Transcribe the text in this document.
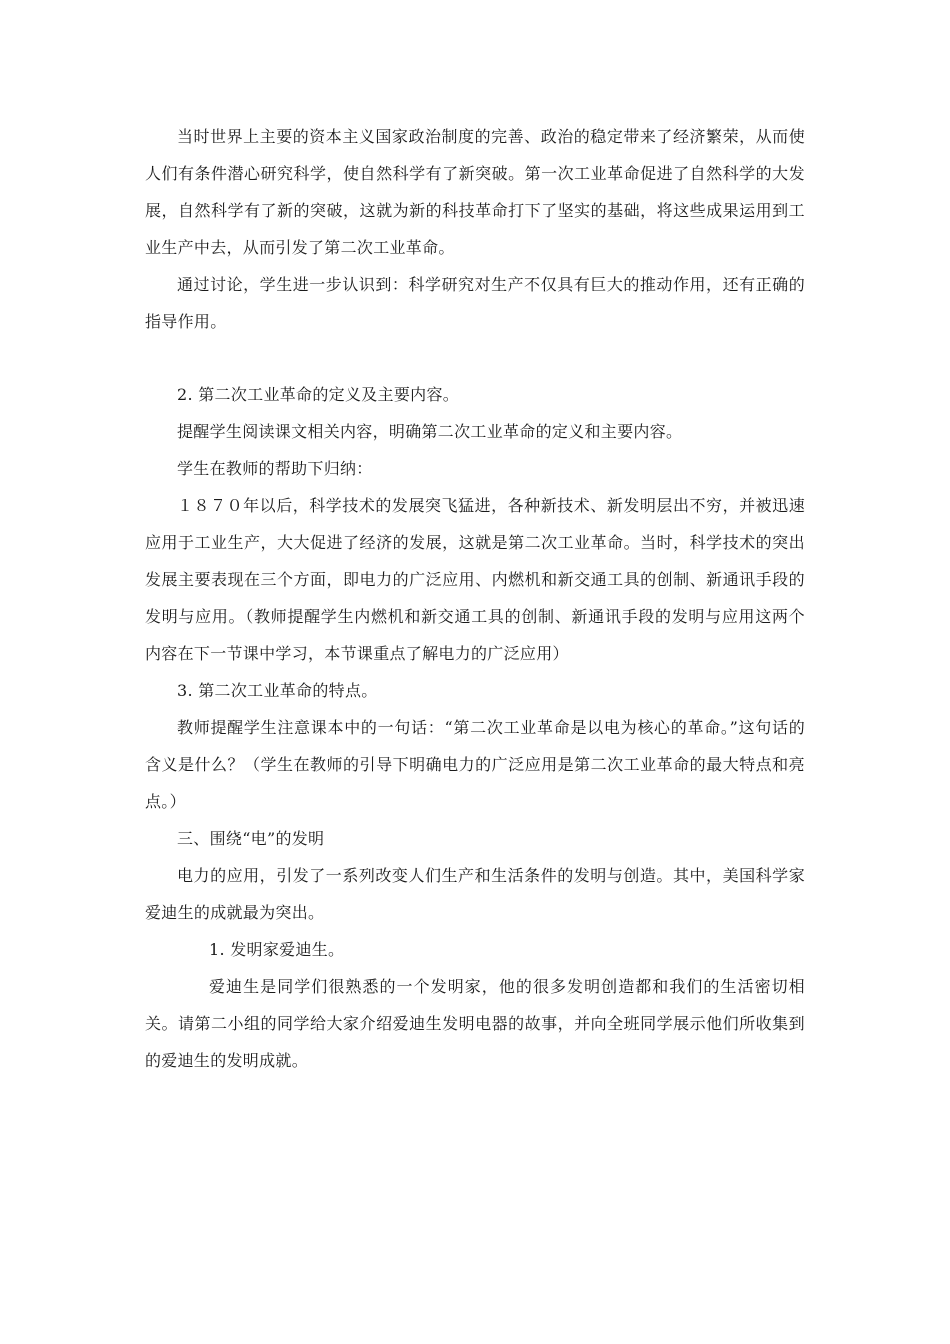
当时世界上主要的资本主义国家政治制度的完善、政治的稳定带来了经济繁荣，从而使人们有条件潜心研究科学，使自然科学有了新突破。第一次工业革命促进了自然科学的大发展，自然科学有了新的突破，这就为新的科技革命打下了坚实的基础，将这些成果运用到工业生产中去，从而引发了第二次工业革命。

通过讨论，学生进一步认识到：科学研究对生产不仅具有巨大的推动作用，还有正确的指导作用。

2. 第二次工业革命的定义及主要内容。

提醒学生阅读课文相关内容，明确第二次工业革命的定义和主要内容。

学生在教师的帮助下归纳：

１８７０年以后，科学技术的发展突飞猛进，各种新技术、新发明层出不穷，并被迅速应用于工业生产，大大促进了经济的发展，这就是第二次工业革命。当时，科学技术的突出发展主要表现在三个方面，即电力的广泛应用、内燃机和新交通工具的创制、新通讯手段的发明与应用。（教师提醒学生内燃机和新交通工具的创制、新通讯手段的发明与应用这两个内容在下一节课中学习，本节课重点了解电力的广泛应用）

3. 第二次工业革命的特点。

教师提醒学生注意课本中的一句话：“第二次工业革命是以电为核心的革命。”这句话的含义是什么？（学生在教师的引导下明确电力的广泛应用是第二次工业革命的最大特点和亮点。）

三、围绕“电”的发明

电力的应用，引发了一系列改变人们生产和生活条件的发明与创造。其中，美国科学家爱迪生的成就最为突出。

1. 发明家爱迪生。

爱迪生是同学们很熟悉的一个发明家，他的很多发明创造都和我们的生活密切相关。请第二小组的同学给大家介绍爱迪生发明电器的故事，并向全班同学展示他们所收集到的爱迪生的发明成就。
